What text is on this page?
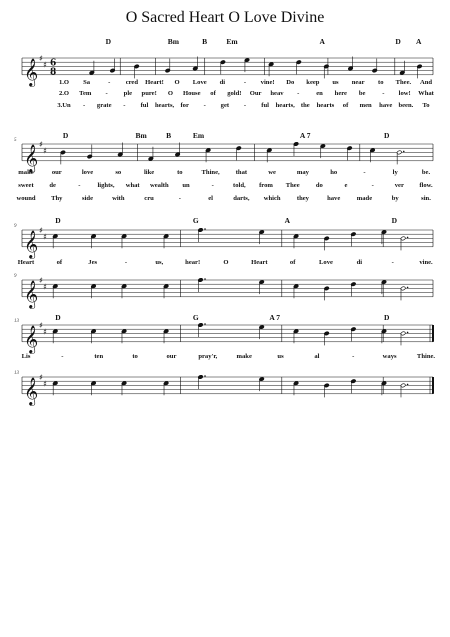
O Sacred Heart O Love Divine
𝄞 ♯
♯ 6
8
D	Bm	B	Em	A	D A
1.O Sa	- cred Heart! O Love di	- vine! Do keep us near to Thee. And
2.O Tem - ple pure! O House of gold! Our heav -	en here be	- low! What
3.Un - grate - ful hearts, for - get - ful hearts, the hearts of men have been. To
𝄞 ♯
♯
5
D	Bm	B	Em	A 7	D
make	our	love	so	like	to	Thine, that	we	may	ho	-	ly	be.
sweet de	-	lights, what wealth un	-	told, from Thee do	e	-	ver flow.
wound Thy	side	with	cru	-	el	darts, which they	have made	by	sin.
𝄞 ♯
♯
9
D	G	A	D
Heart	of	Jes	-	us,	hear!	O	Heart	of	Love	di	-	vine.
𝄞 ♯
♯
9
𝄞 ♯
♯
13	D	G	A 7	D
Lis	-	ten	to	our	pray'r,	make	us	al	-	ways	Thine.
𝄞 ♯
♯
13
